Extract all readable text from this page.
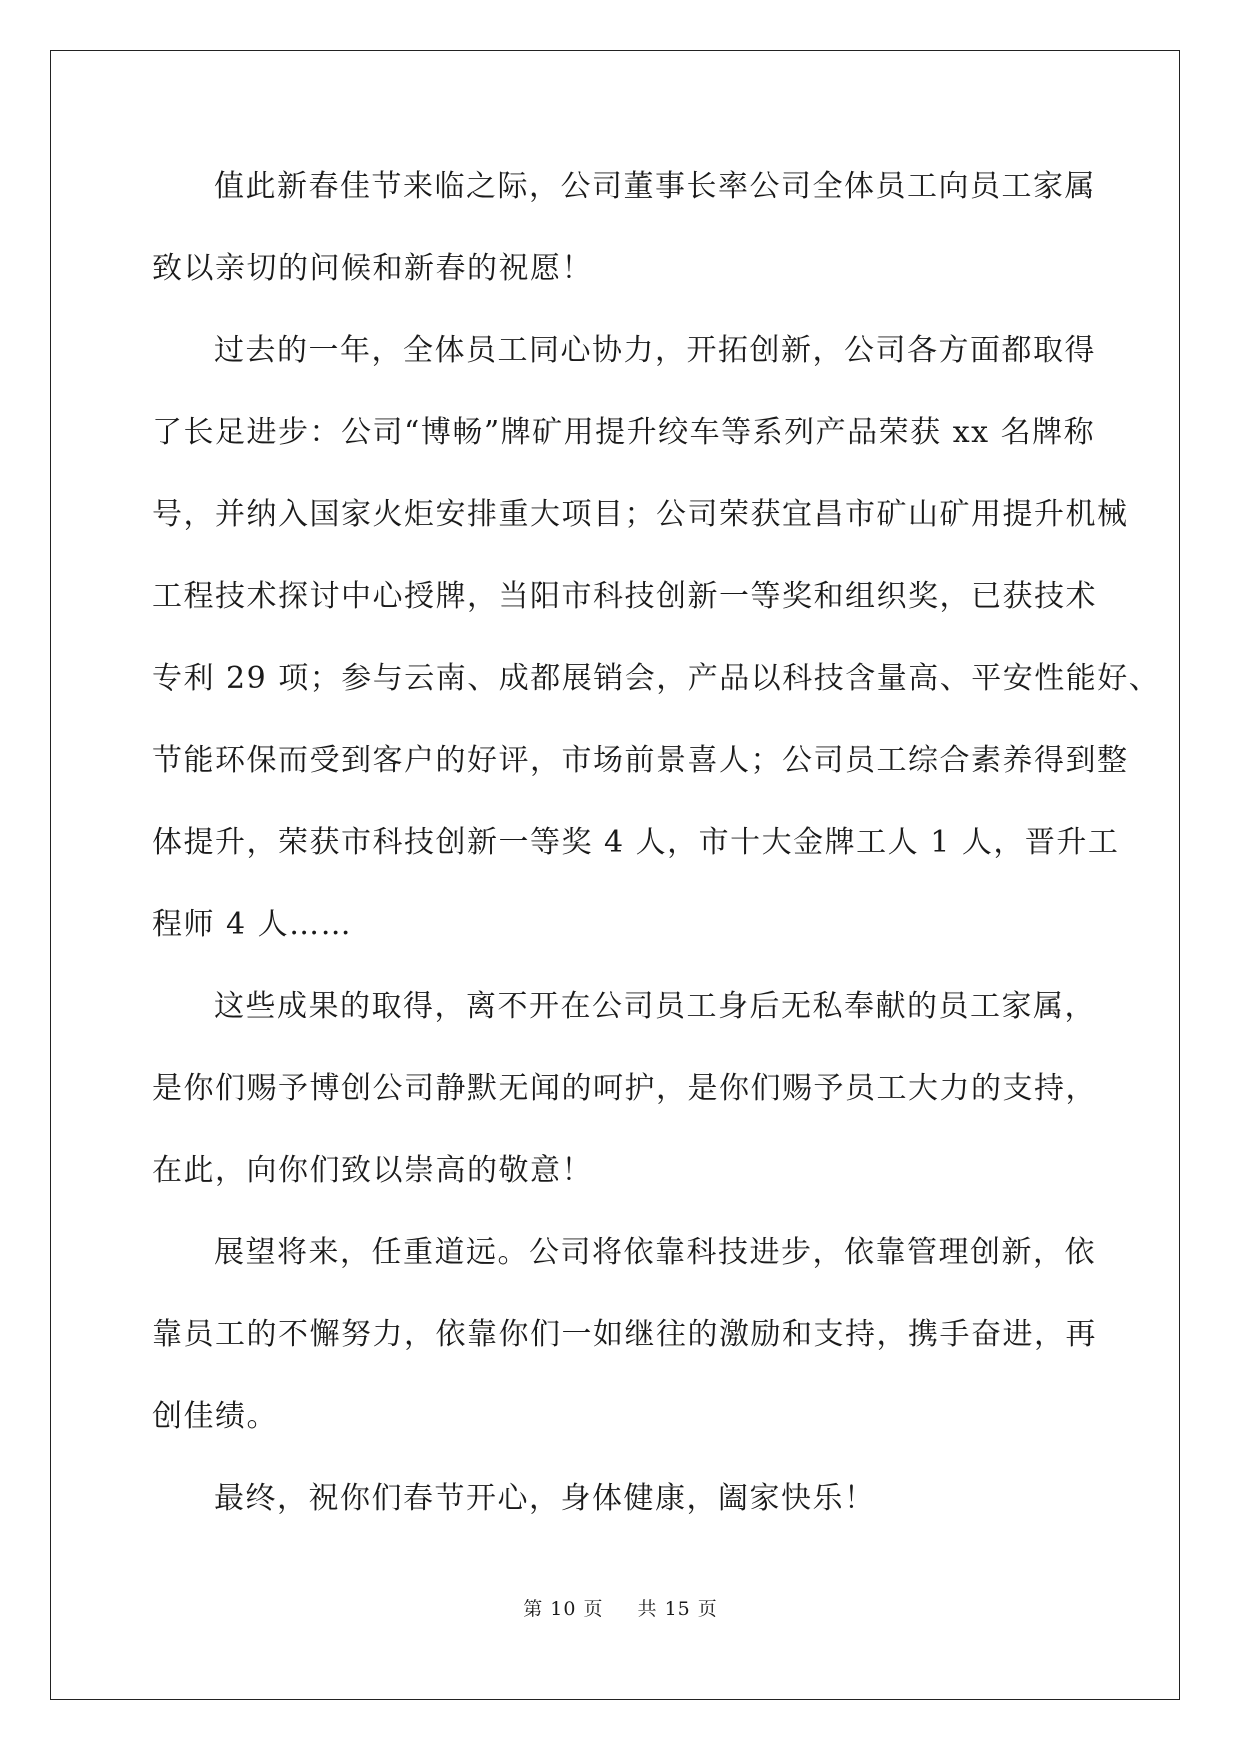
值此新春佳节来临之际，公司董事长率公司全体员工向员工家属
致以亲切的问候和新春的祝愿！
过去的一年，全体员工同心协力，开拓创新，公司各方面都取得
了长足进步：公司“博畅”牌矿用提升绞车等系列产品荣获 xx 名牌称
号，并纳入国家火炬安排重大项目；公司荣获宜昌市矿山矿用提升机械
工程技术探讨中心授牌，当阳市科技创新一等奖和组织奖，已获技术
专利 29 项；参与云南、成都展销会，产品以科技含量高、平安性能好、
节能环保而受到客户的好评，市场前景喜人；公司员工综合素养得到整
体提升，荣获市科技创新一等奖 4 人，市十大金牌工人 1 人，晋升工
程师 4 人……
这些成果的取得，离不开在公司员工身后无私奉献的员工家属，
是你们赐予博创公司静默无闻的呵护，是你们赐予员工大力的支持，
在此，向你们致以崇高的敬意！
展望将来，任重道远。公司将依靠科技进步，依靠管理创新，依
靠员工的不懈努力，依靠你们一如继往的激励和支持，携手奋进，再
创佳绩。
最终，祝你们春节开心，身体健康，阖家快乐！
第 10 页 共 15 页
